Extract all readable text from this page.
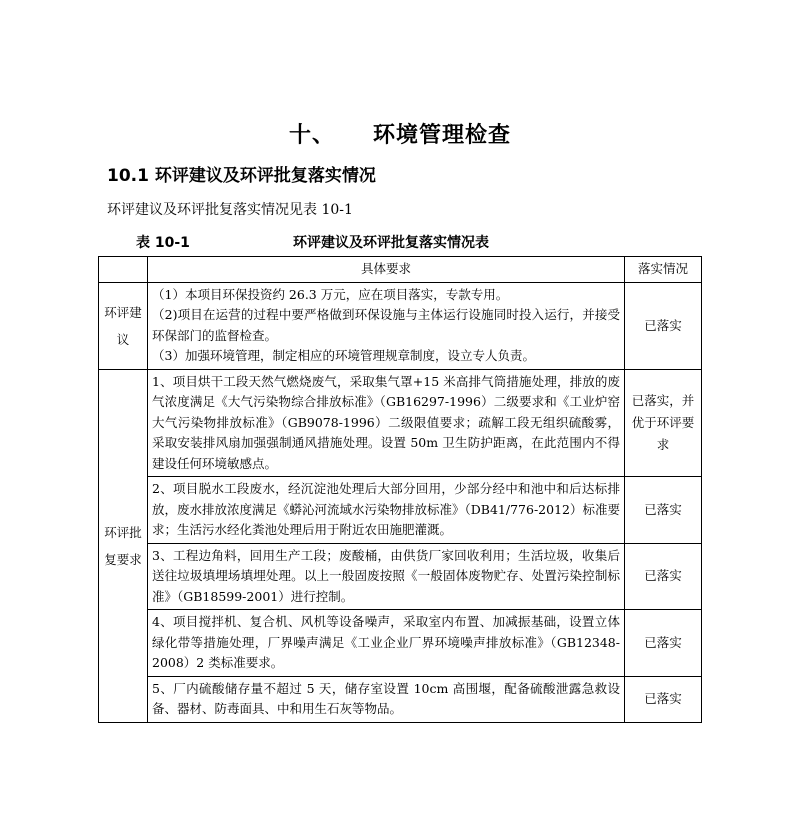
十、 环境管理检查
10.1 环评建议及环评批复落实情况
环评建议及环评批复落实情况见表 10-1
表 10-1	环评建议及环评批复落实情况表
	具体要求	落实情况
环评建议	（1）本项目环保投资约 26.3 万元，应在项目落实，专款专用。
（2)项目在运营的过程中要严格做到环保设施与主体运行设施同时投入运行，并接受环保部门的监督检查。
（3）加强环境管理，制定相应的环境管理规章制度，设立专人负责。	已落实
环评批复要求	1、项目烘干工段天然气燃烧废气，采取集气罩+15 米高排气筒措施处理，排放的废气浓度满足《大气污染物综合排放标准》（GB16297-1996）二级要求和《工业炉窑大气污染物排放标准》（GB9078-1996）二级限值要求；疏解工段无组织硫酸雾，采取安装排风扇加强强制通风措施处理。设置 50m 卫生防护距离，在此范围内不得建设任何环境敏感点。	已落实，并优于环评要求
	2、项目脱水工段废水，经沉淀池处理后大部分回用，少部分经中和池中和后达标排放，废水排放浓度满足《蟒沁河流域水污染物排放标准》（DB41/776-2012）标准要求；生活污水经化粪池处理后用于附近农田施肥灌溉。	已落实
	3、工程边角料，回用生产工段；废酸桶，由供货厂家回收利用；生活垃圾，收集后送往垃圾填埋场填埋处理。以上一般固废按照《一般固体废物贮存、处置污染控制标准》（GB18599-2001）进行控制。	已落实
	4、项目搅拌机、复合机、风机等设备噪声，采取室内布置、加减振基础，设置立体绿化带等措施处理，厂界噪声满足《工业企业厂界环境噪声排放标准》（GB12348-2008）2 类标准要求。	已落实
	5、厂内硫酸储存量不超过 5 天，储存室设置 10cm 高围堰，配备硫酸泄露急救设备、器材、防毒面具、中和用生石灰等物品。	已落实
